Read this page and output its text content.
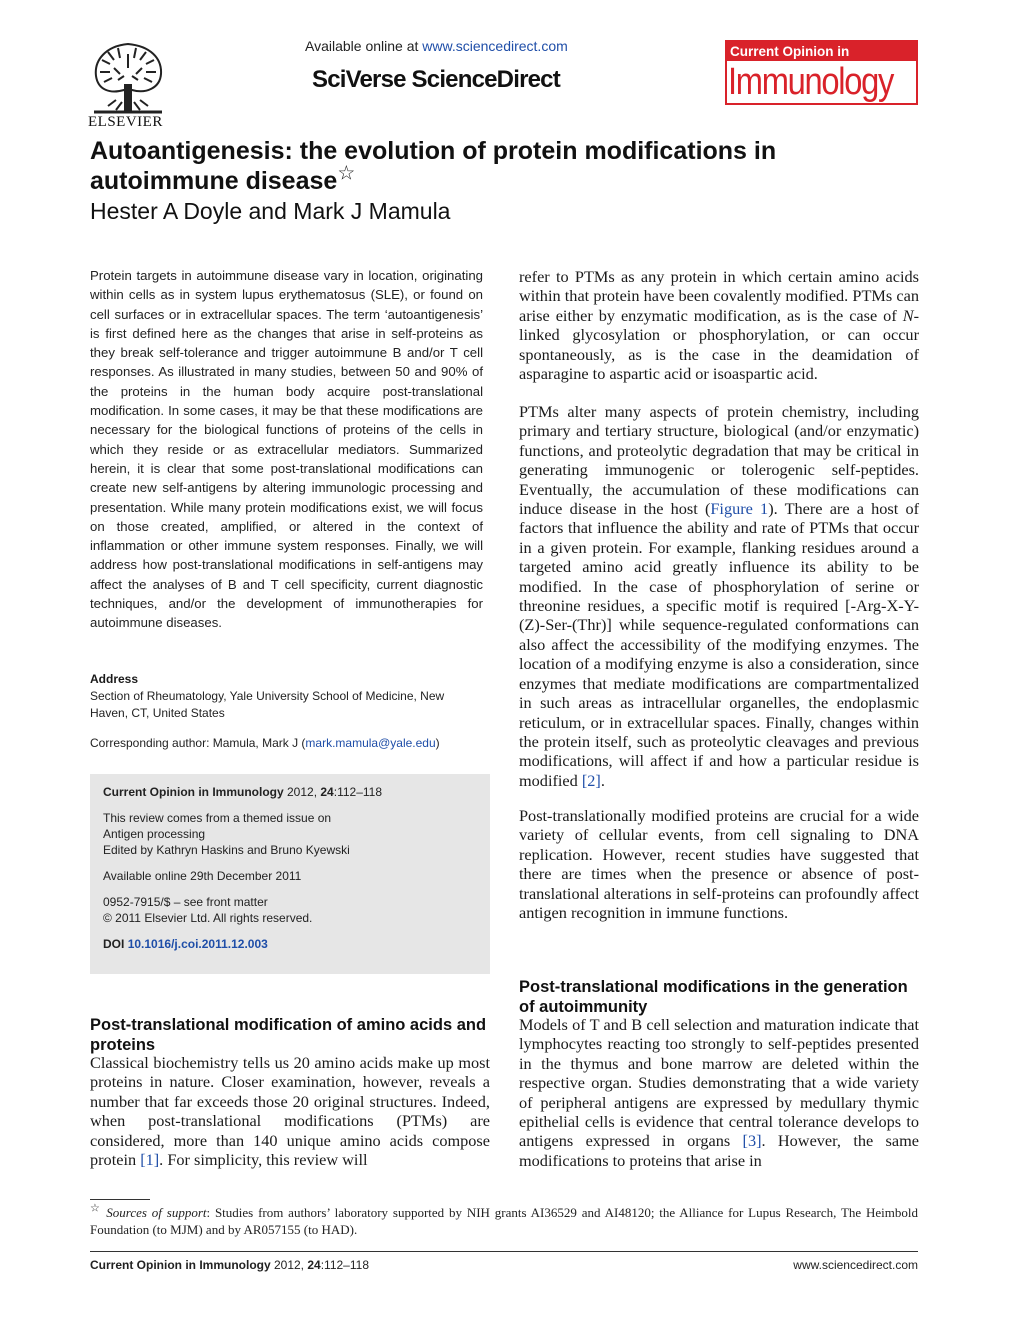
ELSEVIER
Available online at www.sciencedirect.com
SciVerse ScienceDirect
Current Opinion in
Immunology
Autoantigenesis: the evolution of protein modifications in autoimmune disease☆
Hester A Doyle and Mark J Mamula
Protein targets in autoimmune disease vary in location, originating within cells as in system lupus erythematosus (SLE), or found on cell surfaces or in extracellular spaces. The term ‘autoantigenesis’ is first defined here as the changes that arise in self-proteins as they break self-tolerance and trigger autoimmune B and/or T cell responses. As illustrated in many studies, between 50 and 90% of the proteins in the human body acquire post-translational modification. In some cases, it may be that these modifications are necessary for the biological functions of proteins of the cells in which they reside or as extracellular mediators. Summarized herein, it is clear that some post-translational modifications can create new self-antigens by altering immunologic processing and presentation. While many protein modifications exist, we will focus on those created, amplified, or altered in the context of inflammation or other immune system responses. Finally, we will address how post-translational modifications in self-antigens may affect the analyses of B and T cell specificity, current diagnostic techniques, and/or the development of immunotherapies for autoimmune diseases.
Address
Section of Rheumatology, Yale University School of Medicine, New Haven, CT, United States
Corresponding author: Mamula, Mark J (mark.mamula@yale.edu)

Current Opinion in Immunology 2012, 24:112–118

This review comes from a themed issue on
Antigen processing
Edited by Kathryn Haskins and Bruno Kyewski

Available online 29th December 2011

0952-7915/$ – see front matter
© 2011 Elsevier Ltd. All rights reserved.

DOI 10.1016/j.coi.2011.12.003

Post-translational modification of amino acids and proteins
Classical biochemistry tells us 20 amino acids make up most proteins in nature. Closer examination, however, reveals a number that far exceeds those 20 original structures. Indeed, when post-translational modifications (PTMs) are considered, more than 140 unique amino acids compose protein [1]. For simplicity, this review will
refer to PTMs as any protein in which certain amino acids within that protein have been covalently modified. PTMs can arise either by enzymatic modification, as is the case of N-linked glycosylation or phosphorylation, or can occur spontaneously, as is the case in the deamidation of asparagine to aspartic acid or isoaspartic acid.
PTMs alter many aspects of protein chemistry, including primary and tertiary structure, biological (and/or enzymatic) functions, and proteolytic degradation that may be critical in generating immunogenic or tolerogenic self-peptides. Eventually, the accumulation of these modifications can induce disease in the host (Figure 1). There are a host of factors that influence the ability and rate of PTMs that occur in a given protein. For example, flanking residues around a targeted amino acid greatly influence its ability to be modified. In the case of phosphorylation of serine or threonine residues, a specific motif is required [-Arg-X-Y-(Z)-Ser-(Thr)] while sequence-regulated conformations can also affect the accessibility of the modifying enzymes. The location of a modifying enzyme is also a consideration, since enzymes that mediate modifications are compartmentalized in such areas as intracellular organelles, the endoplasmic reticulum, or in extracellular spaces. Finally, changes within the protein itself, such as proteolytic cleavages and previous modifications, will affect if and how a particular residue is modified [2].
Post-translationally modified proteins are crucial for a wide variety of cellular events, from cell signaling to DNA replication. However, recent studies have suggested that there are times when the presence or absence of post-translational alterations in self-proteins can profoundly affect antigen recognition in immune functions.
Post-translational modifications in the generation of autoimmunity
Models of T and B cell selection and maturation indicate that lymphocytes reacting too strongly to self-peptides presented in the thymus and bone marrow are deleted within the respective organ. Studies demonstrating that a wide variety of peripheral antigens are expressed by medullary thymic epithelial cells is evidence that central tolerance develops to antigens expressed in organs [3]. However, the same modifications to proteins that arise in
☆ Sources of support: Studies from authors’ laboratory supported by NIH grants AI36529 and AI48120; the Alliance for Lupus Research, The Heimbold Foundation (to MJM) and by AR057155 (to HAD).
Current Opinion in Immunology 2012, 24:112–118	www.sciencedirect.com
